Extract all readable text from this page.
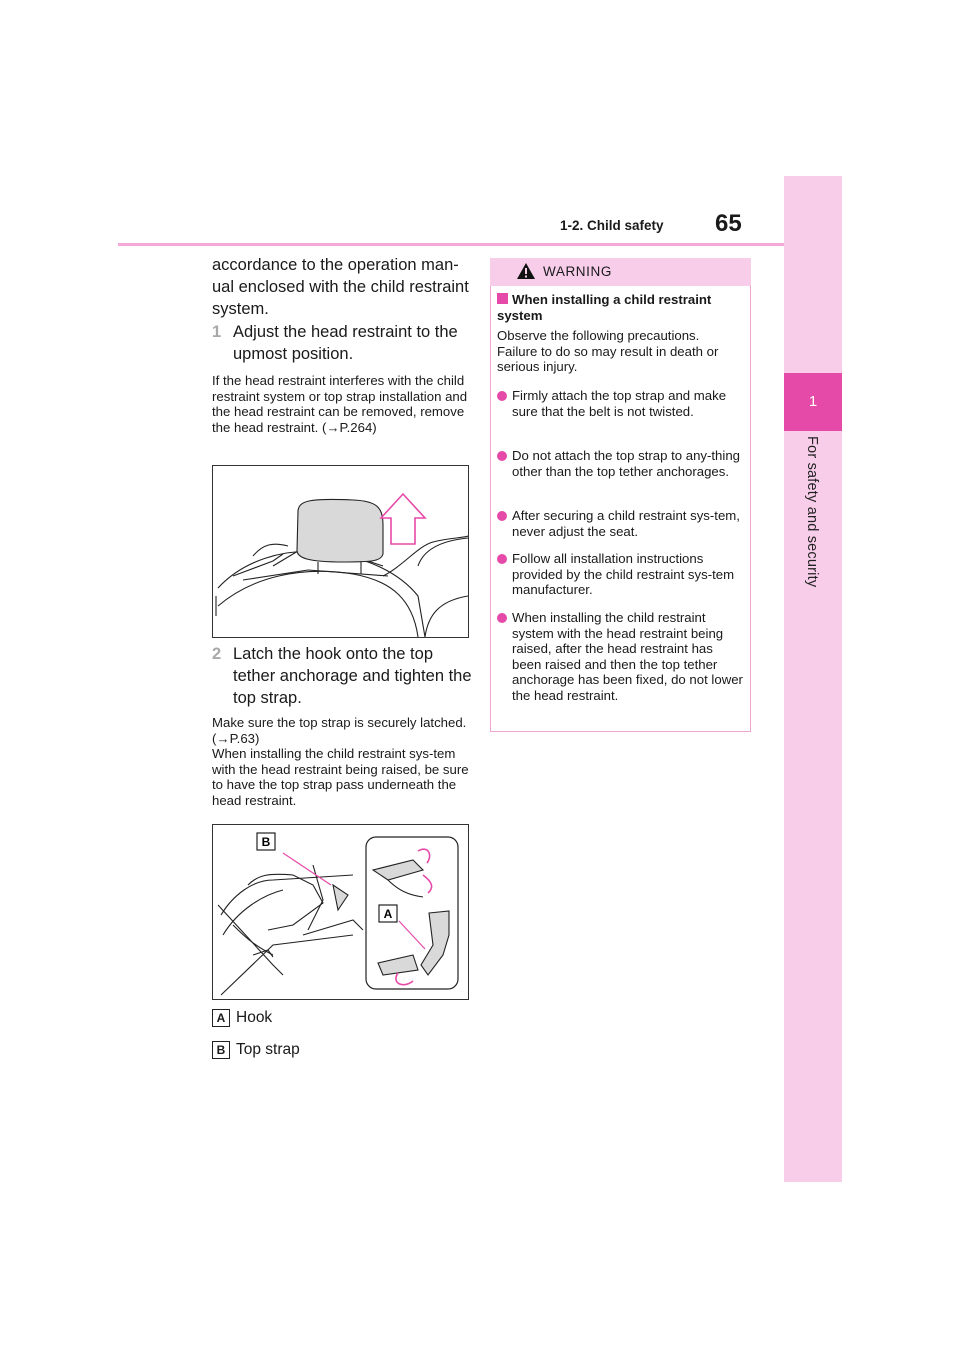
1
For safety and security
1-2. Child safety 65
accordance to the operation man-
ual enclosed with the child restraint
system.
1 Adjust the head restraint to the upmost position.
If the head restraint interferes with the child restraint system or top strap installation and the head restraint can be removed, remove the head restraint. (→P.264)
2 Latch the hook onto the top tether anchorage and tighten the top strap.
Make sure the top strap is securely latched. (→P.63)
When installing the child restraint sys-tem with the head restraint being raised, be sure to have the top strap pass underneath the head restraint.
B
A
A Hook
B Top strap
WARNING
When installing a child restraint system
Observe the following precautions. Failure to do so may result in death or serious injury.
Firmly attach the top strap and make sure that the belt is not twisted.
Do not attach the top strap to any-thing other than the top tether anchorages.
After securing a child restraint sys-tem, never adjust the seat.
Follow all installation instructions provided by the child restraint sys-tem manufacturer.
When installing the child restraint system with the head restraint being raised, after the head restraint has been raised and then the top tether anchorage has been fixed, do not lower the head restraint.
